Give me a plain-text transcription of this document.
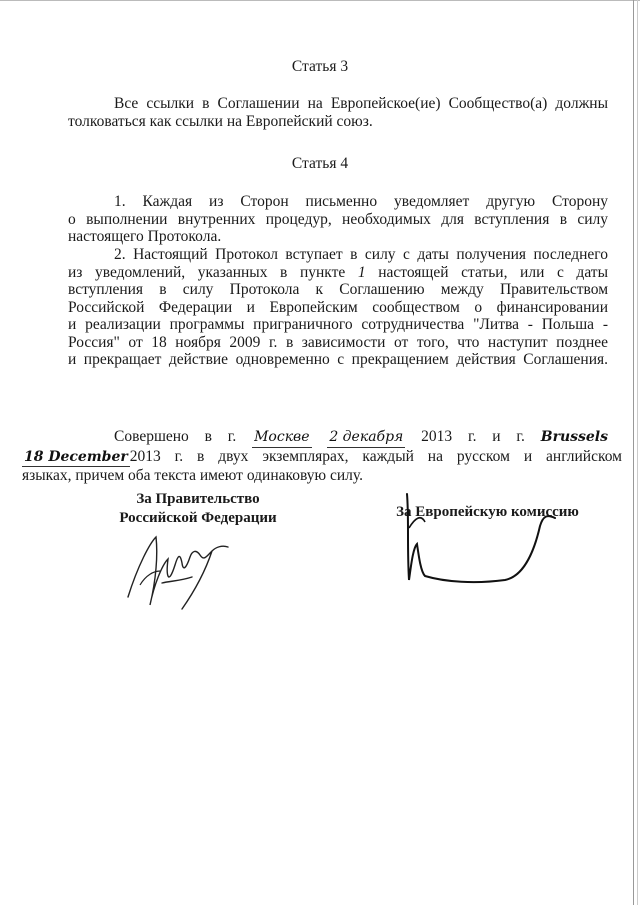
Статья 3
Все ссылки в Соглашении на Европейское(ие) Сообщество(а) должны
толковаться как ссылки на Европейский союз.
Статья 4
1. Каждая из Сторон письменно уведомляет другую Сторону
о выполнении внутренних процедур, необходимых для вступления в силу
настоящего Протокола.
2. Настоящий Протокол вступает в силу с даты получения последнего
из уведомлений, указанных в пункте 1 настоящей статьи, или с даты
вступления в силу Протокола к Соглашению между Правительством
Российской Федерации и Европейским сообществом о финансировании
и реализации программы приграничного сотрудничества "Литва - Польша -
Россия" от 18 ноября 2009 г. в зависимости от того, что наступит позднее
и прекращает действие одновременно с прекращением действия Соглашения.
Совершено в г. Москве 2 декабря 2013 г. и г. Brussels
18 December 2013 г. в двух экземплярах, каждый на русском и английском
языках, причем оба текста имеют одинаковую силу.
За Правительство
Российской Федерации	За Европейскую комиссию
